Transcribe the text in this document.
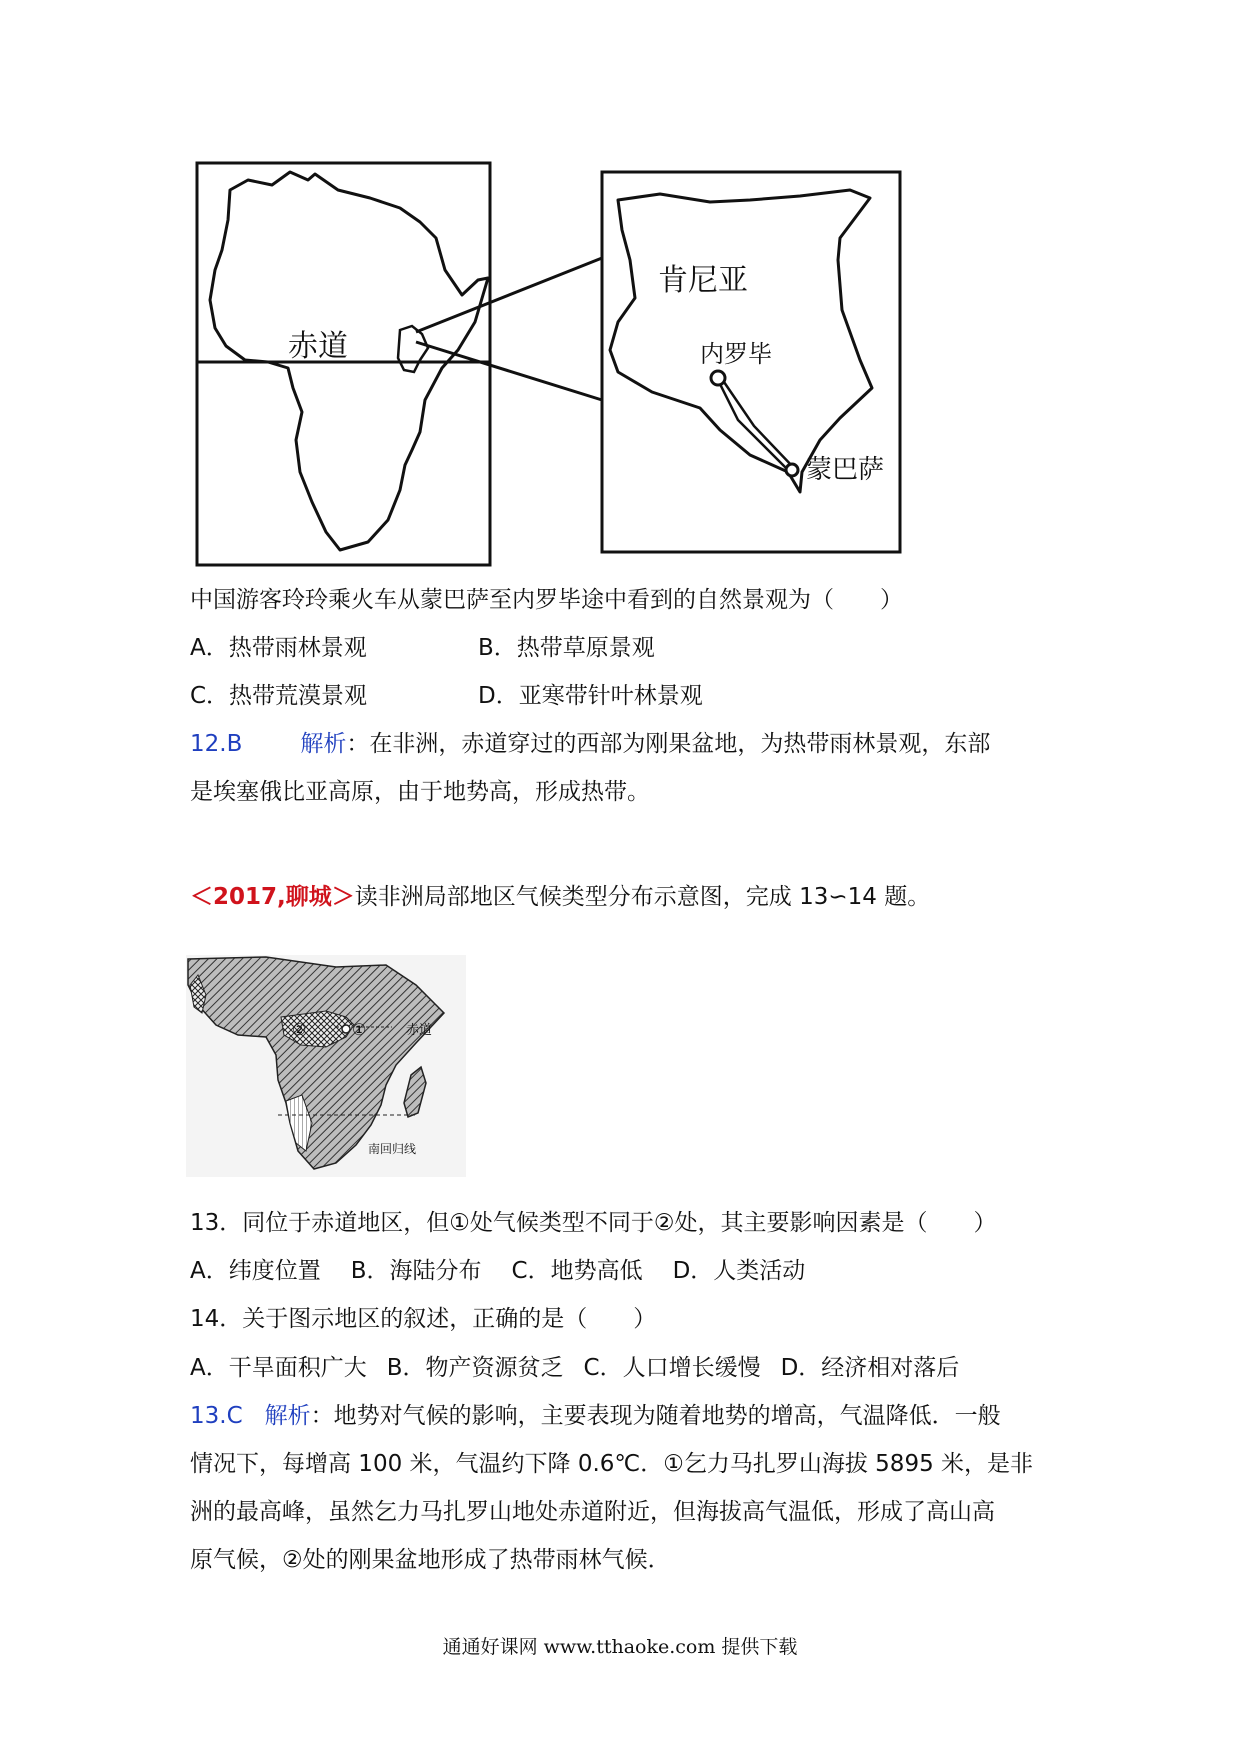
赤道
肯尼亚
内罗毕
蒙巴萨
中国游客玲玲乘火车从蒙巴萨至内罗毕途中看到的自然景观为（　　）
A．热带雨林景观	B．热带草原景观
C．热带荒漠景观	D．亚寒带针叶林景观
12.B	解析：在非洲，赤道穿过的西部为刚果盆地，为热带雨林景观，东部
是埃塞俄比亚高原，由于地势高，形成热带。
＜2017,聊城＞读非洲局部地区气候类型分布示意图，完成 13∽14 题。
②	①	赤道
南回归线
13．同位于赤道地区，但①处气候类型不同于②处，其主要影响因素是（　　）
A．纬度位置 B．海陆分布 C．地势高低 D．人类活动
14．关于图示地区的叙述，正确的是（　　）
A．干旱面积广大 B．物产资源贫乏 C．人口增长缓慢 D．经济相对落后
13.C 解析：地势对气候的影响，主要表现为随着地势的增高，气温降低．一般
情况下，每增高 100 米，气温约下降 0.6℃．①乞力马扎罗山海拔 5895 米，是非
洲的最高峰，虽然乞力马扎罗山地处赤道附近，但海拔高气温低，形成了高山高
原气候，②处的刚果盆地形成了热带雨林气候．
通通好课网 www.tthaoke.com 提供下载
